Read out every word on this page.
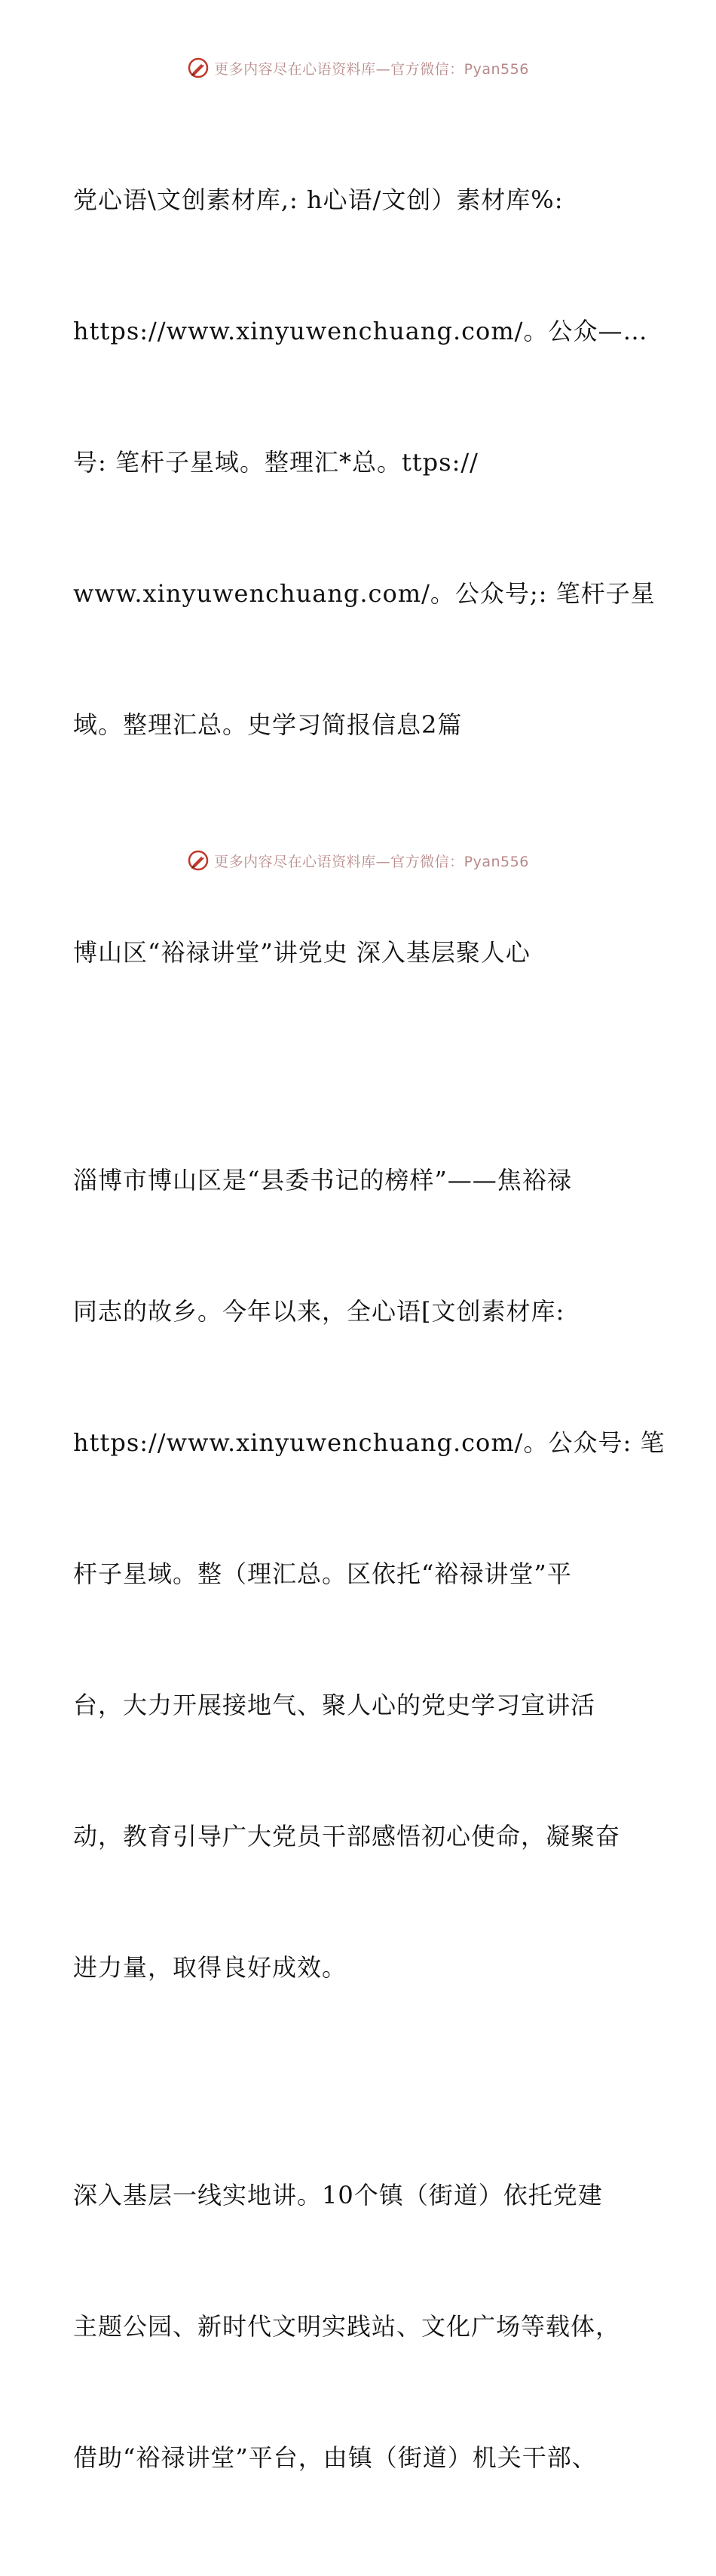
更多内容尽在心语资料库—官方微信：Pyan556

党心语\文创素材库,: h心语/文创）素材库%:

https://www.xinyuwenchuang.com/。公众—…

号: 笔杆子星域。整理汇*总。ttps://

www.xinyuwenchuang.com/。公众号;: 笔杆子星

域。整理汇总。史学习简报信息2篇

博山区“裕禄讲堂”讲党史 深入基层聚人心

淄博市博山区是“县委书记的榜样”——焦裕禄

同志的故乡。今年以来，全心语[文创素材库:

https://www.xinyuwenchuang.com/。公众号: 笔

杆子星域。整（理汇总。区依托“裕禄讲堂”平

台，大力开展接地气、聚人心的党史学习宣讲活

动，教育引导广大党员干部感悟初心使命，凝聚奋

进力量，取得良好成效。

深入基层一线实地讲。10个镇（街道）依托党建

主题公园、新时代文明实践站、文化广场等载体，

借助“裕禄讲堂”平台，由镇（街道）机关干部、

更多内容尽在心语资料库—官方微信：Pyan556
